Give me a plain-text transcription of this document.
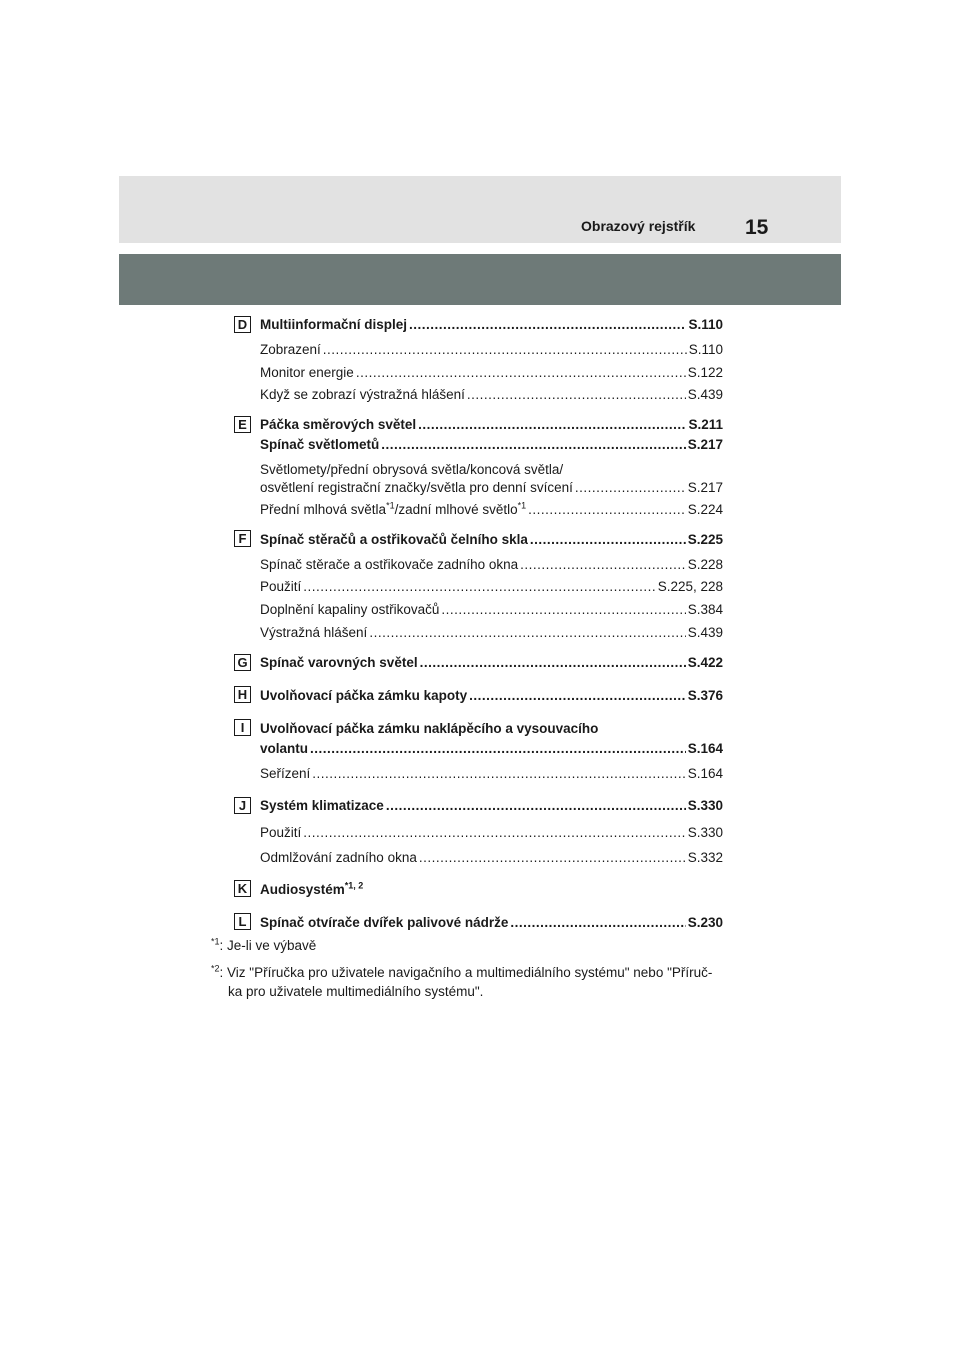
Obrazový rejstřík 15
D Multiinformační displej .....	S.110
Zobrazení .....	S.110
Monitor energie .....	S.122
Když se zobrazí výstražná hlášení .....	S.439
E Páčka směrových světel .....	S.211
Spínač světlometů .....	S.217
Světlomety/přední obrysová světla/koncová světla/
osvětlení registrační značky/světla pro denní svícení .....	S.217
Přední mlhová světla$^{*1}$/zadní mlhové světlo$^{*1}$ .....	S.224
F	Spínač stěračů a ostřikovačů čelního skla .....	S.225
Spínač stěrače a ostřikovače zadního okna .....	S.228
Použití .....	S.225, 228
Doplnění kapaliny ostřikovačů .....	S.384
Výstražná hlášení .....	S.439
G Spínač varovných světel .....	S.422
H Uvolňovací páčka zámku kapoty .....	S.376
I	Uvolňovací páčka zámku naklápěcího a vysouvacího
volantu .....	S.164
Seřízení .....	S.164
J	Systém klimatizace .....	S.330
Použití .....	S.330
Odmlžování zadního okna .....	S.332
K Audiosystém$^{*1, 2}$
L	Spínač otvírače dvířek palivové nádrže .....	S.230
$^{*1}$: Je-li ve výbavě
$^{*2}$: Viz "Příručka pro uživatele navigačního a multimediálního systému" nebo "Příruč-
ka pro uživatele multimediálního systému".
